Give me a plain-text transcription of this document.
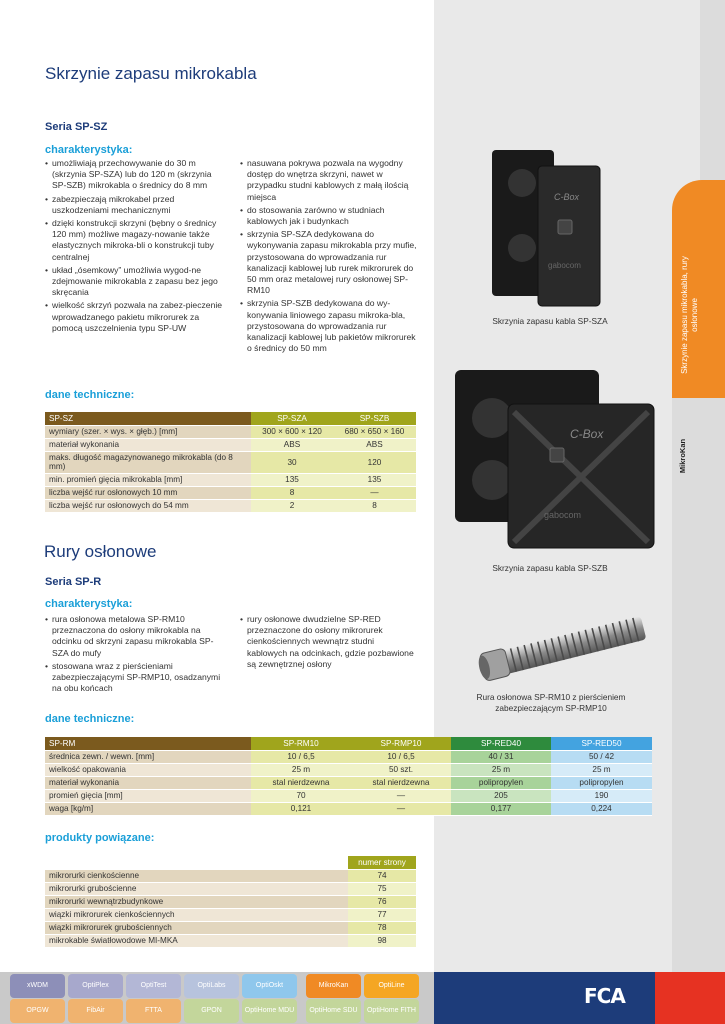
Skrzynie zapasu mikrokabla, rury osłonowe
MikroKan
Skrzynie zapasu mikrokabla
Seria SP-SZ
charakterystyka:
• umożliwiają przechowywanie do 30 m (skrzynia SP-SZA) lub do 120 m (skrzynia SP-SZB) mikrokabla o średnicy do 8 mm
• zabezpieczają mikrokabel przed uszkodzeniami mechanicznymi
• dzięki konstrukcji skrzyni (bębny o średnicy 120 mm) możliwe magazy-nowanie także elastycznych mikroka-bli o konstrukcji tuby centralnej
• układ „ósemkowy” umożliwia wygod-ne zdejmowanie mikrokabla z zapasu bez jego skręcania
• wielkość skrzyń pozwala na zabez-pieczenie wprowadzanego pakietu mikrorurek za pomocą uszczelnienia typu SP-UW
• nasuwana pokrywa pozwala na wygodny dostęp do wnętrza skrzyni, nawet w przypadku studni kablowych z małą ilością miejsca
• do stosowania zarówno w studniach kablowych jak i budynkach
• skrzynia SP-SZA dedykowana do wykonywania zapasu mikrokabla przy mufie, przystosowana do wprowadzania rur kanalizacji kablowej lub rurek mikrorurek do 50 mm oraz metalowej rury osłonowej SP-RM10
• skrzynia SP-SZB dedykowana do wy-konywania liniowego zapasu mikroka-bla, przystosowana do wprowadzania rur kanalizacji kablowej lub pakietów mikrorurek o średnicy do 50 mm
dane techniczne:
SP-SZ	SP-SZA	SP-SZB
wymiary (szer. × wys. × głęb.) [mm]	300 × 600 × 120	680 × 650 × 160
materiał wykonania	ABS	ABS
maks. długość magazynowanego mikrokabla (do 8 mm)	30	120
min. promień gięcia mikrokabla [mm]	135	135
liczba wejść rur osłonowych 10 mm	8	—
liczba wejść rur osłonowych do 54 mm	2	8
C-Box
gabocom
Skrzynia zapasu kabla SP-SZA
C-Box
gabocom
Skrzynia zapasu kabla SP-SZB
Rury osłonowe
Seria SP-R
charakterystyka:
• rura osłonowa metalowa SP-RM10 przeznaczona do osłony mikrokabla na odcinku od skrzyni zapasu mikrokabla SP-SZA do mufy
• stosowana wraz z pierścieniami zabezpieczającymi SP-RMP10, osadzanymi na obu końcach
• rury osłonowe dwudzielne SP-RED przeznaczone do osłony mikrorurek cienkościennych wewnątrz studni kablowych na odcinkach, gdzie pozbawione są zewnętrznej osłony
Rura osłonowa SP-RM10 z pierścieniem zabezpieczającym SP-RMP10
dane techniczne:
SP-RM	SP-RM10	SP-RMP10	SP-RED40	SP-RED50
średnica zewn. / wewn. [mm]	10 / 6,5	10 / 6,5	40 / 31	50 / 42
wielkość opakowania	25 m	50 szt.	25 m	25 m
materiał wykonania	stal nierdzewna	stal nierdzewna	polipropylen	polipropylen
promień gięcia [mm]	70	—	205	190
waga [kg/m]	0,121	—	0,177	0,224
produkty powiązane:
	numer strony
mikrorurki cienkościenne	74
mikrorurki grubościenne	75
mikrorurki wewnątrzbudynkowe	76
wiązki mikrorurek cienkościennych	77
wiązki mikrorurek grubościennych	78
mikrokable światłowodowe MI-MKA	98
FCA
xWDM	OptiPlex	OptiTest	OptiLabs	OptiOskt	MikroKan	OptiLine
OPGW	FibAir	FTTA	GPON	OptiHome MDU	OptiHome SDU	OptiHome FITH
